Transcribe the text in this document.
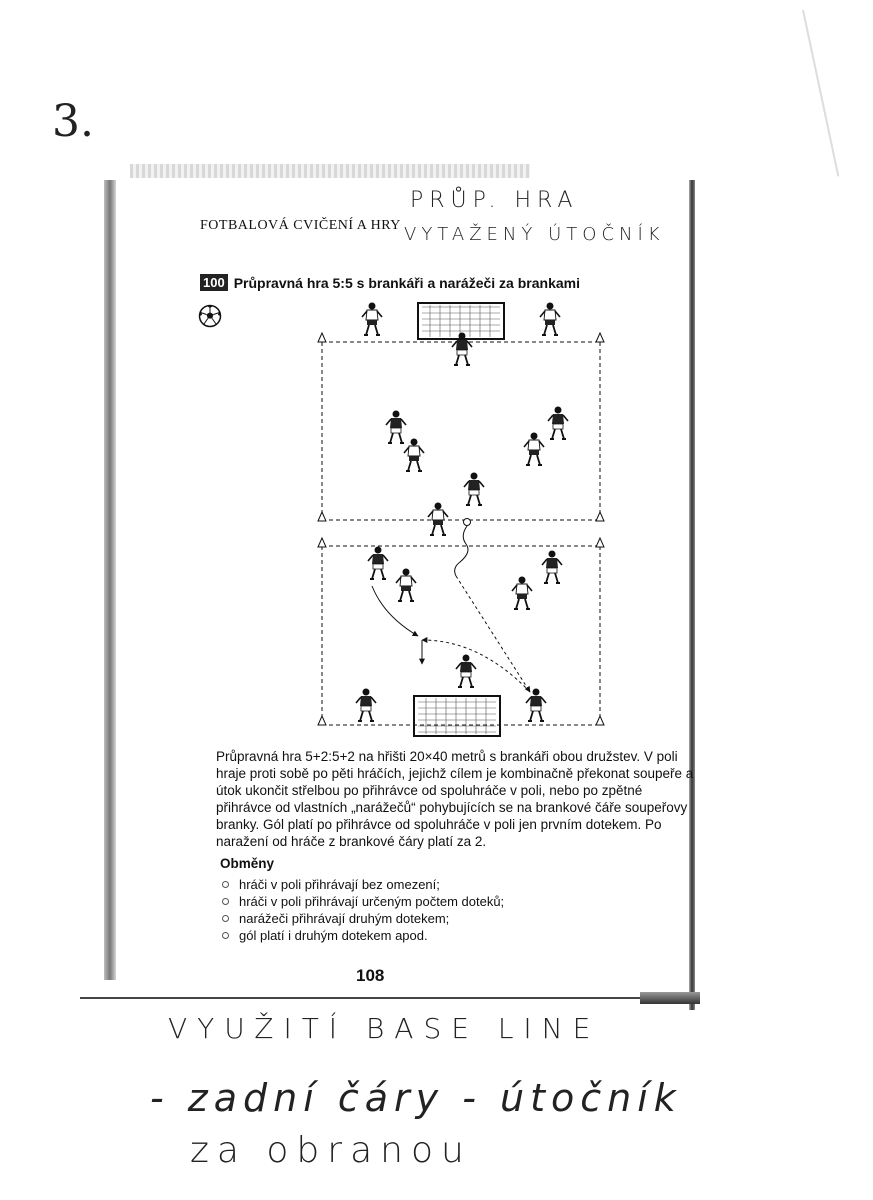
3.
PRŮP. HRA
VYTAŽENÝ ÚTOČNÍK
FOTBALOVÁ CVIČENÍ A HRY
100 Průpravná hra 5:5 s brankáři a narážeči za brankami

Průpravná hra 5+2:5+2 na hřišti 20×40 metrů s brankáři obou družstev. V poli hraje proti sobě po pěti hráčích, jejichž cílem je kombinačně překonat soupeře a útok ukončit střelbou po přihrávce od spoluhráče v poli, nebo po zpětné přihrávce od vlastních „narážečů“ pohybujících se na brankové čáře soupeřovy branky. Gól platí po přihrávce od spoluhráče v poli jen prvním dotekem. Po naražení od hráče z brankové čáry platí za 2.

Obměny
hráči v poli přihrávají bez omezení;
hráči v poli přihrávají určeným počtem doteků;
narážeči přihrávají druhým dotekem;
gól platí i druhým dotekem apod.
108
VYUŽITÍ BASE LINE
- zadní čáry - útočník
za obranou
